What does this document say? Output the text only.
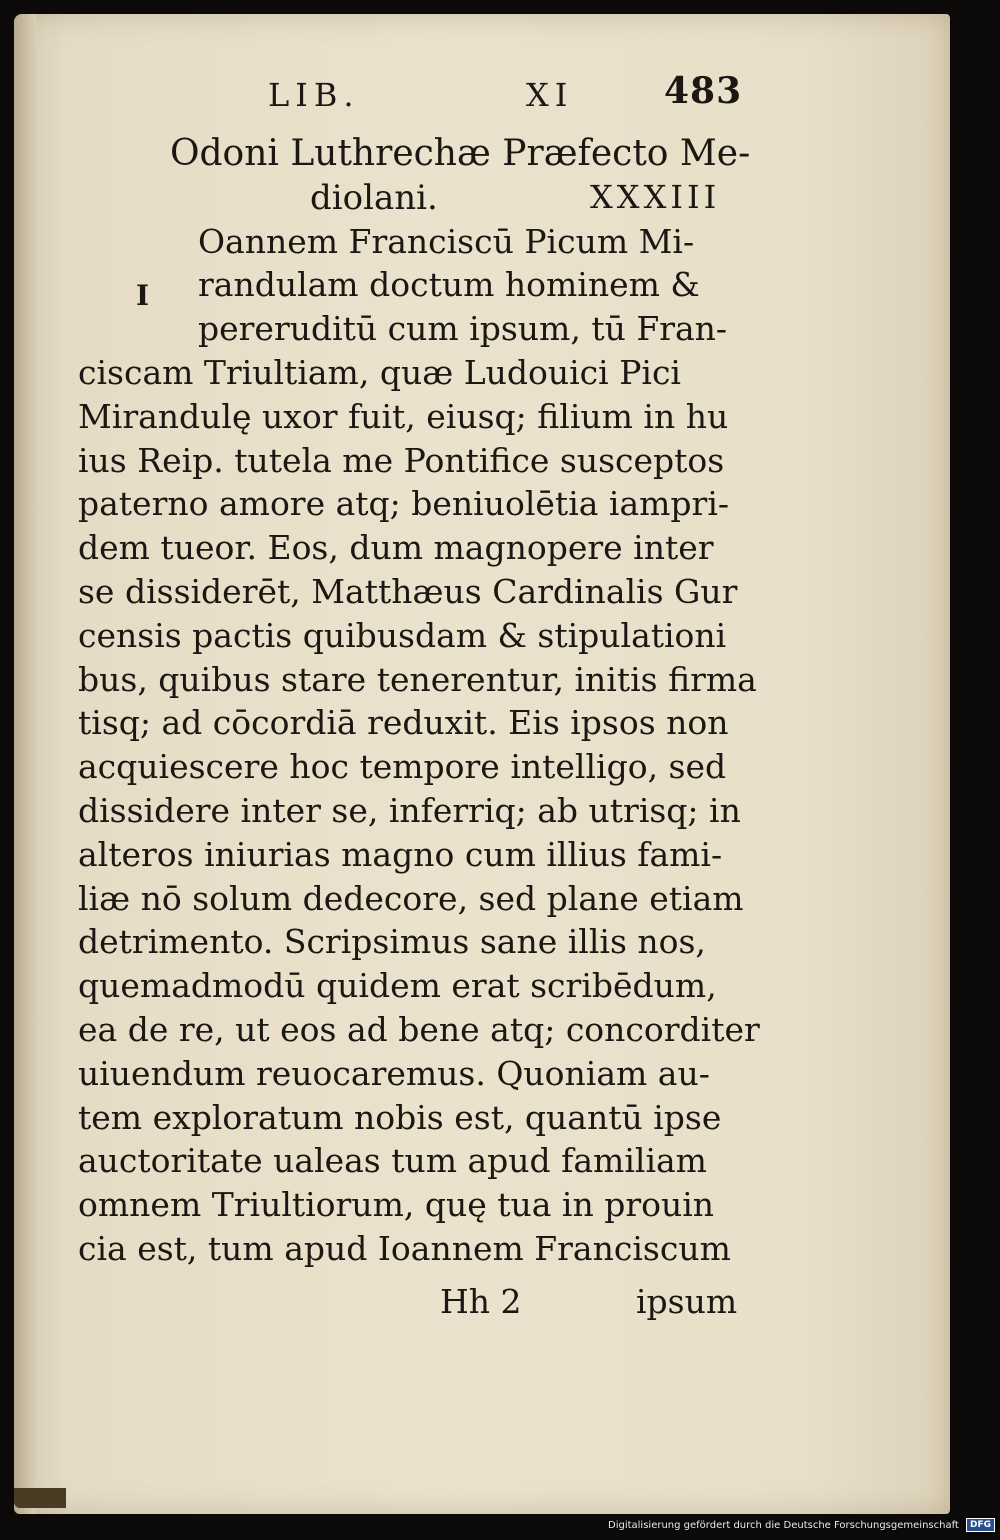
LIB.	XI	483
I
Odoni Luthrechæ Præfecto Me-
diolani.	XXXIII
Oannem Franciscū Picum Mi-
randulam doctum hominem &
pereruditū cum ipsum, tū Fran-
ciscam Triultiam, quæ Ludouici Pici
Mirandulę uxor fuit, eiusq; filium in hu
ius Reip. tutela me Pontifice susceptos
paterno amore atq; beniuolētia iampri-
dem tueor. Eos, dum magnopere inter
se dissiderēt, Matthæus Cardinalis Gur
censis pactis quibusdam & stipulationi
bus, quibus stare tenerentur, initis firma
tisq; ad cōcordiā reduxit. Eis ipsos non
acquiescere hoc tempore intelligo, sed
dissidere inter se, inferriq; ab utrisq; in
alteros iniurias magno cum illius fami-
liæ nō solum dedecore, sed plane etiam
detrimento. Scripsimus sane illis nos,
quemadmodū quidem erat scribēdum,
ea de re, ut eos ad bene atq; concorditer
uiuendum reuocaremus. Quoniam au-
tem exploratum nobis est, quantū ipse
auctoritate ualeas tum apud familiam
omnem Triultiorum, quę tua in prouin
cia est, tum apud Ioannem Franciscum
Hh 2	ipsum
Digitalisierung gefördert durch die Deutsche Forschungsgemeinschaft DFG
